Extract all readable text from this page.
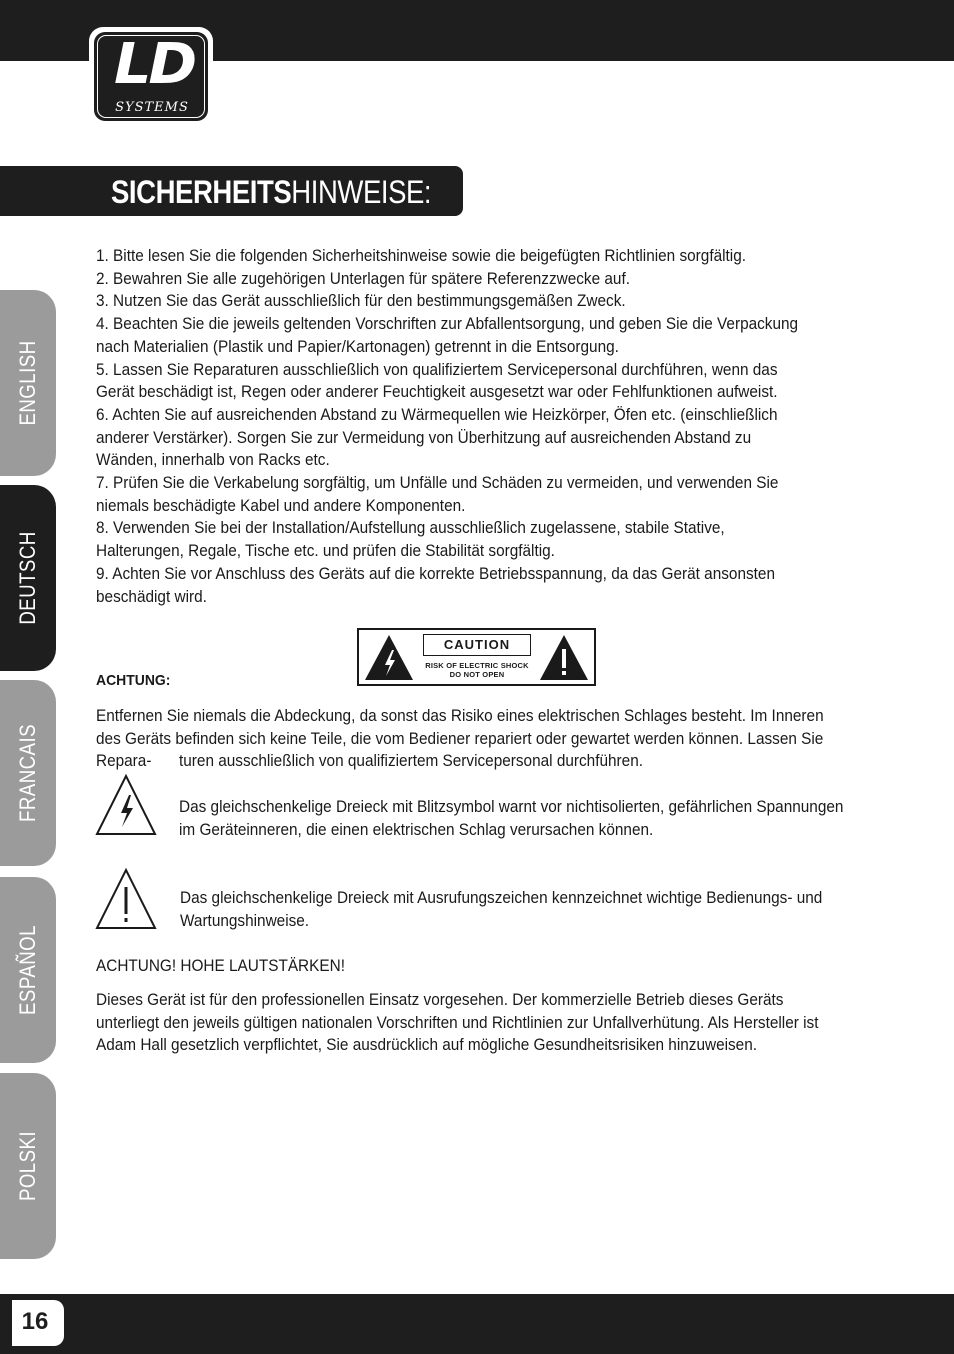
LD
SYSTEMS
SICHERHEITSHINWEISE:
ENGLISH
DEUTSCH
FRANCAIS
ESPAÑOL
POLSKI

1. Bitte lesen Sie die folgenden Sicherheitshinweise sowie die beigefügten Richtlinien sorgfältig.

2. Bewahren Sie alle zugehörigen Unterlagen für spätere Referenzzwecke auf.

3. Nutzen Sie das Gerät ausschließlich für den bestimmungsgemäßen Zweck.

4. Beachten Sie die jeweils geltenden Vorschriften zur Abfallentsorgung, und geben Sie die Verpackung nach Materialien (Plastik und Papier/Kartonagen) getrennt in die Entsorgung.

5. Lassen Sie Reparaturen ausschließlich von qualifiziertem Servicepersonal durchführen, wenn das Gerät beschädigt ist, Regen oder anderer Feuchtigkeit ausgesetzt war oder Fehlfunktionen aufweist.

6. Achten Sie auf ausreichenden Abstand zu Wärmequellen wie Heizkörper, Öfen etc. (einschließlich anderer Verstärker). Sorgen Sie zur Vermeidung von Überhitzung auf ausreichenden Abstand zu Wänden, innerhalb von Racks etc.

7. Prüfen Sie die Verkabelung sorgfältig, um Unfälle und Schäden zu vermeiden, und verwenden Sie niemals beschädigte Kabel und andere Komponenten.

8. Verwenden Sie bei der Installation/Aufstellung ausschließlich zugelassene, stabile Stative, Halterungen, Regale, Tische etc. und prüfen die Stabilität sorgfältig.

9. Achten Sie vor Anschluss des Geräts auf die korrekte Betriebsspannung, da das Gerät ansonsten beschädigt wird.

CAUTION
RISK OF ELECTRIC SHOCK
DO NOT OPEN
ACHTUNG:
Entfernen Sie niemals die Abdeckung, da sonst das Risiko eines elektrischen Schlages besteht. Im Inneren des Geräts befinden sich keine Teile, die vom Bediener repariert oder gewartet werden können. Lassen Sie Repara-	turen ausschließlich von qualifiziertem Servicepersonal durchführen.
Das gleichschenkelige Dreieck mit Blitzsymbol warnt vor nichtisolierten, gefährlichen Spannungen im Geräteinneren, die einen elektrischen Schlag verursachen können.
Das gleichschenkelige Dreieck mit Ausrufungszeichen kennzeichnet wichtige Bedienungs- und Wartungshinweise.
ACHTUNG! HOHE LAUTSTÄRKEN!
Dieses Gerät ist für den professionellen Einsatz vorgesehen. Der kommerzielle Betrieb dieses Geräts unterliegt den jeweils gültigen nationalen Vorschriften und Richtlinien zur Unfallverhütung. Als Hersteller ist Adam Hall gesetzlich verpflichtet, Sie ausdrücklich auf mögliche Gesundheitsrisiken hinzuweisen.
16
